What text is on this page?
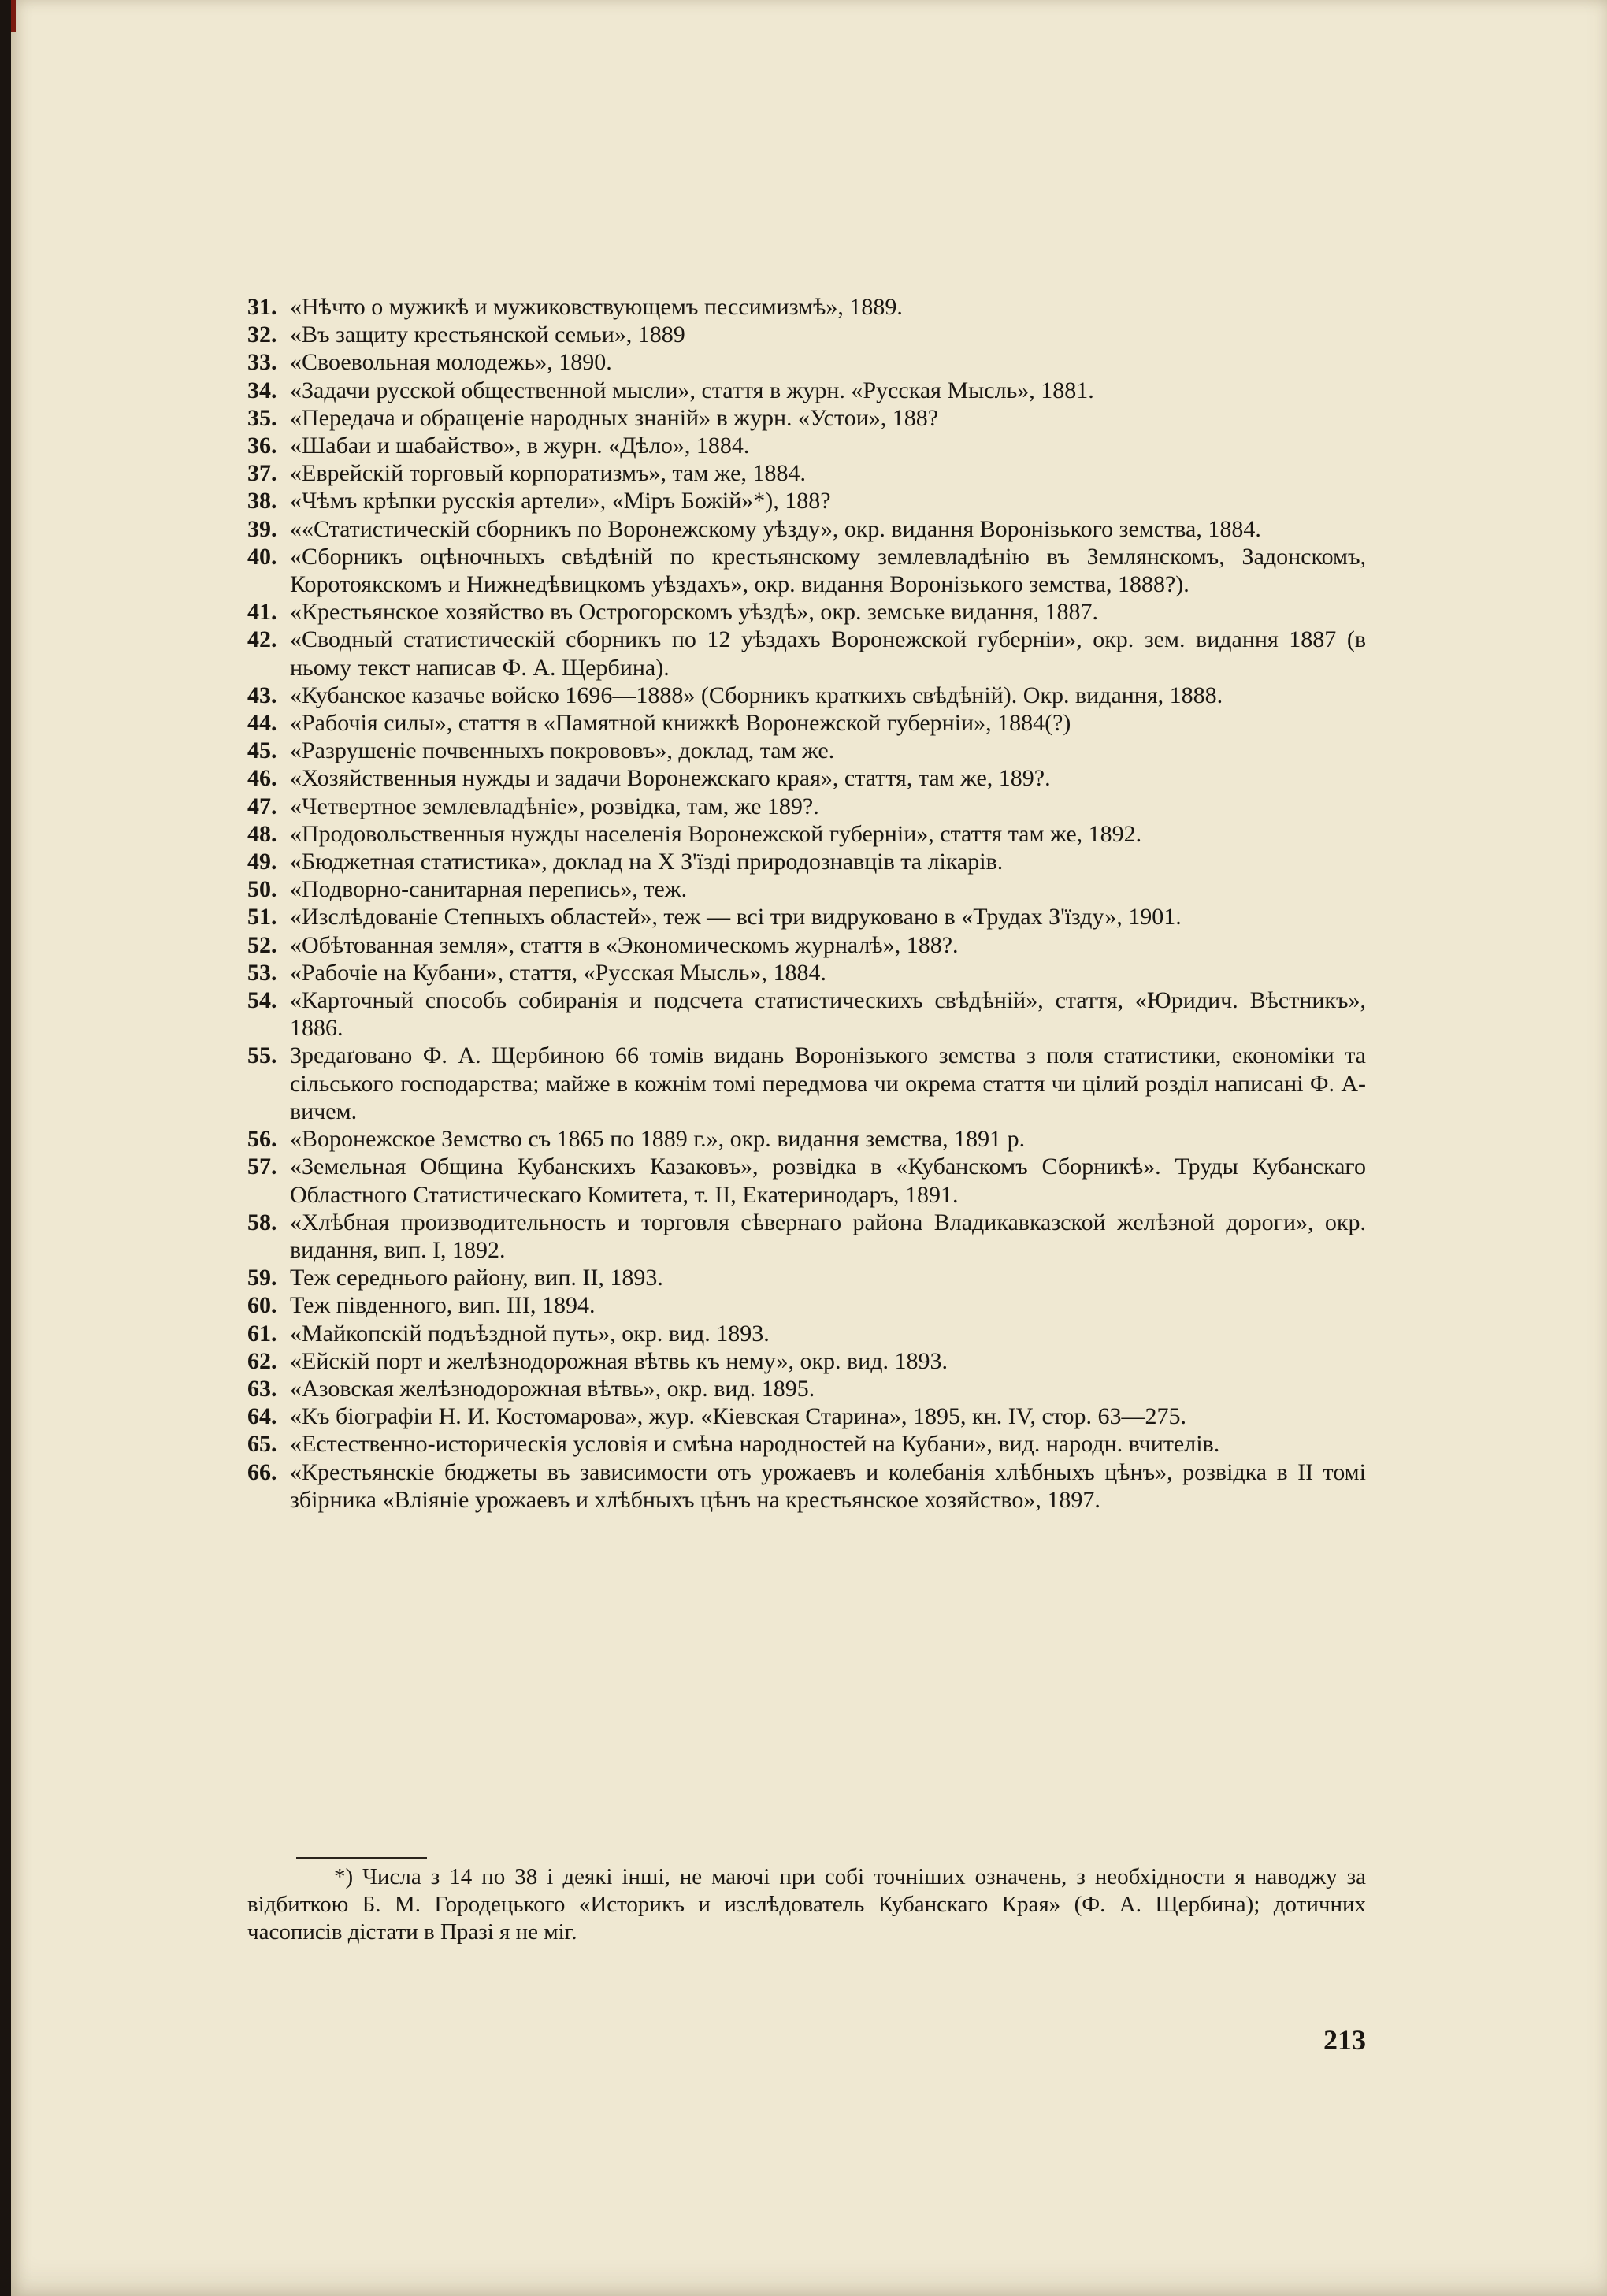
31. «Нѣчто о мужикѣ и мужиковствующемъ пессимизмѣ», 1889.
32. «Въ защиту крестьянской семьи», 1889
33. «Своевольная молодежь», 1890.
34. «Задачи русской общественной мысли», стаття в журн. «Русская Мысль», 1881.
35. «Передача и обращеніе народных знаній» в журн. «Устои», 188?
36. «Шабаи и шабайство», в журн. «Дѣло», 1884.
37. «Еврейскій торговый корпоратизмъ», там же, 1884.
38. «Чѣмъ крѣпки русскія артели», «Міръ Божій»*), 188?
39. ««Статистическій сборникъ по Воронежскому уѣзду», окр. видання Воронізького земства, 1884.
40. «Сборникъ оцѣночныхъ свѣдѣній по крестьянскому землевладѣнію въ Землянскомъ, Задонскомъ, Коротоякскомъ и Нижнедѣвицкомъ уѣздахъ», окр. видання Воронізького земства, 1888?).
41. «Крестьянское хозяйство въ Острогорскомъ уѣздѣ», окр. земське видання, 1887.
42. «Сводный статистическій сборникъ по 12 уѣздахъ Воронежской губерніи», окр. зем. видання 1887 (в ньому текст написав Ф. А. Щербина).
43. «Кубанское казачье войско 1696—1888» (Сборникъ краткихъ свѣдѣній). Окр. видання, 1888.
44. «Рабочія силы», стаття в «Памятной книжкѣ Воронежской губерніи», 1884(?)
45. «Разрушеніе почвенныхъ покрововъ», доклад, там же.
46. «Хозяйственныя нужды и задачи Воронежскаго края», стаття, там же, 189?.
47. «Четвертное землевладѣніе», розвідка, там, же 189?.
48. «Продовольственныя нужды населенія Воронежской губерніи», стаття там же, 1892.
49. «Бюджетная статистика», доклад на X З'їзді природознавців та лікарів.
50. «Подворно-санитарная перепись», теж.
51. «Изслѣдованіе Степныхъ областей», теж — всі три видруковано в «Трудах З'їзду», 1901.
52. «Обѣтованная земля», стаття в «Экономическомъ журналѣ», 188?.
53. «Рабочіе на Кубани», стаття, «Русская Мысль», 1884.
54. «Карточный способъ собиранія и подсчета статистическихъ свѣдѣній», стаття, «Юридич. Вѣстникъ», 1886.
55. Зредаґовано Ф. А. Щербиною 66 томів видань Воронізького земства з поля статистики, економіки та сільського господарства; майже в кожнім томі передмова чи окрема стаття чи цілий розділ написані Ф. А-вичем.
56. «Воронежское Земство съ 1865 по 1889 г.», окр. видання земства, 1891 р.
57. «Земельная Община Кубанскихъ Казаковъ», розвідка в «Кубанскомъ Сборникѣ». Труды Кубанскаго Областного Статистическаго Комитета, т. II, Екатеринодаръ, 1891.
58. «Хлѣбная производительность и торговля сѣвернаго района Владикавказской желѣзной дороги», окр. видання, вип. I, 1892.
59. Теж середнього району, вип. II, 1893.
60. Теж південного, вип. III, 1894.
61. «Майкопскій подъѣздной путь», окр. вид. 1893.
62. «Ейскій порт и желѣзнодорожная вѣтвь къ нему», окр. вид. 1893.
63. «Азовская желѣзнодорожная вѣтвь», окр. вид. 1895.
64. «Къ біографіи Н. И. Костомарова», жур. «Кіевская Старина», 1895, кн. IV, стор. 63—275.
65. «Естественно-историческія условія и смѣна народностей на Кубани», вид. народн. вчителів.
66. «Крестьянскіе бюджеты въ зависимости отъ урожаевъ и колебанія хлѣбныхъ цѣнъ», розвідка в II томі збірника «Вліяніе урожаевъ и хлѣбныхъ цѣнъ на крестьянское хозяйство», 1897.

*) Числа з 14 по 38 і деякі інші, не маючі при собі точніших означень, з необхідности я наводжу за відбиткою Б. М. Городецького «Историкъ и изслѣдователь Кубанскаго Края» (Ф. А. Щербина); дотичних часописів дістати в Празі я не міг.

213
